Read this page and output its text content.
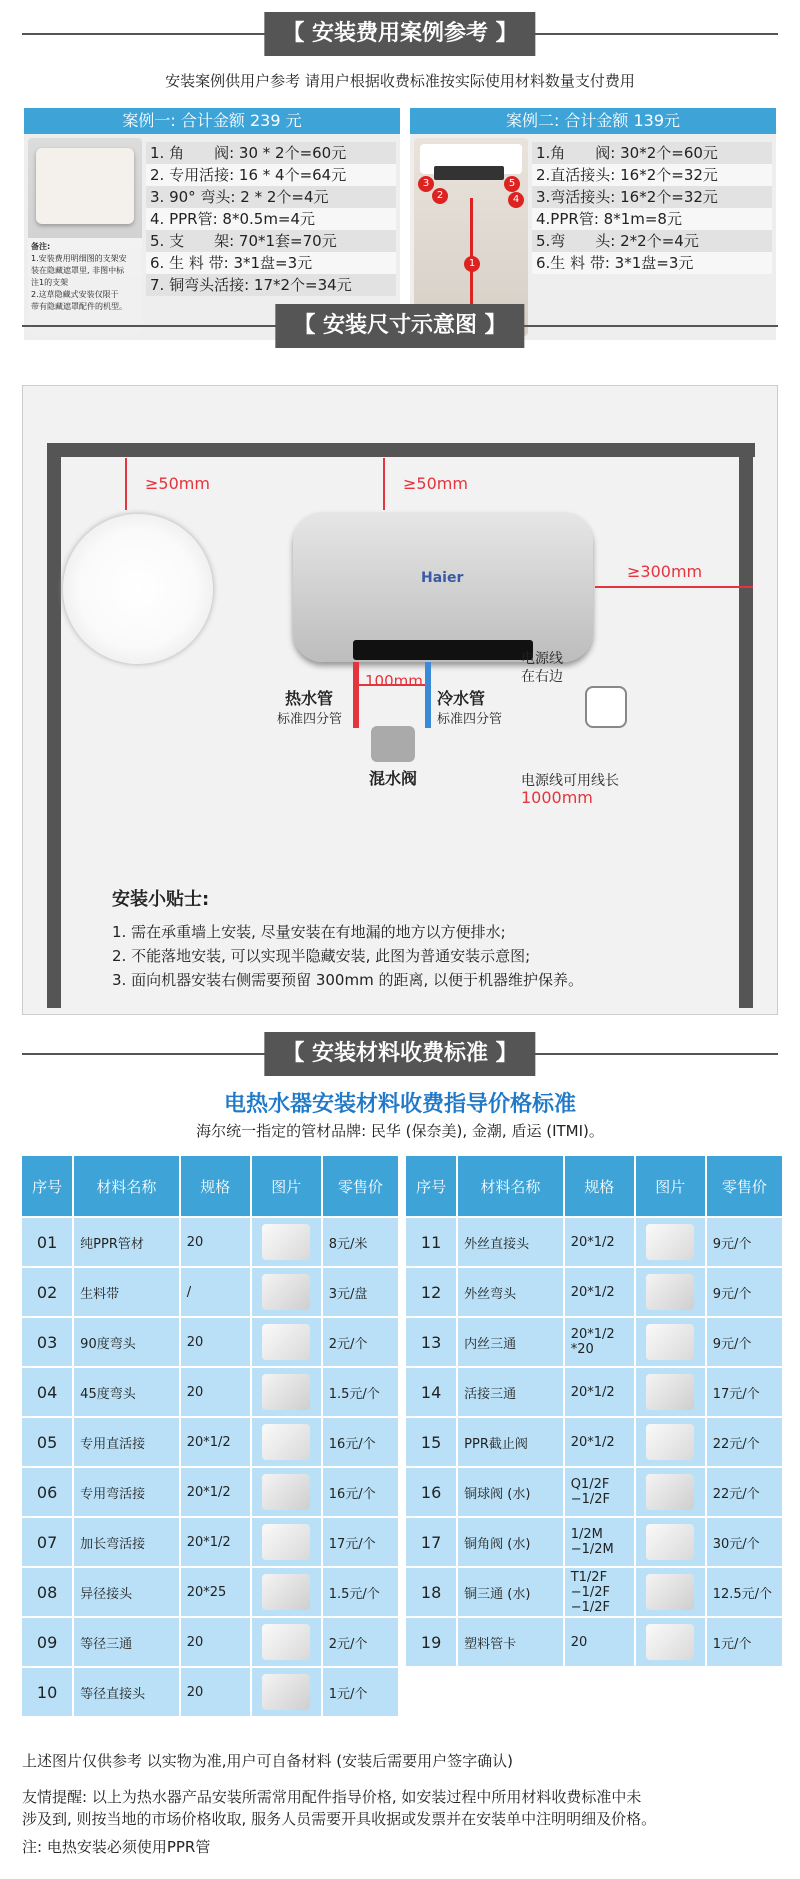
【 安装费用案例参考 】
安装案例供用户参考 请用户根据收费标准按实际使用材料数量支付费用
案例一: 合计金额 239 元
备注:
1.安装费用明细图的支架安
装在隐藏遮罩里, 非图中标
注1的支架
2.这草隐藏式安装仅限于
带有隐藏遮罩配件的机型。
1. 角　　阀: 30 * 2个=60元
2. 专用活接: 16 * 4个=64元
3. 90° 弯头: 2 * 2个=4元
4. PPR管: 8*0.5m=4元
5. 支　　架: 70*1套=70元
6. 生 料 带: 3*1盘=3元
7. 铜弯头活接: 17*2个=34元
案例二: 合计金额 139元
3
2
5
4
1
1.角　　阀: 30*2个=60元
2.直活接头: 16*2个=32元
3.弯活接头: 16*2个=32元
4.PPR管: 8*1m=8元
5.弯　　头: 2*2个=4元
6.生 料 带: 3*1盘=3元
≥50mm
Haier
≥50mm
≥300mm
100mm
热水管
标准四分管
冷水管
标准四分管
混水阀
电源线
在右边
电源线可用线长
1000mm
【 安装尺寸示意图 】
安装小贴士:
1. 需在承重墙上安装, 尽量安装在有地漏的地方以方便排水;
2. 不能落地安装, 可以实现半隐藏安装, 此图为普通安装示意图;
3. 面向机器安装右侧需要预留 300mm 的距离, 以便于机器维护保养。
【 安装材料收费标准 】
电热水器安装材料收费指导价格标准
海尔统一指定的管材品牌: 民华 (保奈美), 金潮, 盾运 (ITMI)。
序号	材料名称	规格	图片	零售价
01	纯PPR管材	20		8元/米
02	生料带	/		3元/盘
03	90度弯头	20		2元/个
04	45度弯头	20		1.5元/个
05	专用直活接	20*1/2		16元/个
06	专用弯活接	20*1/2		16元/个
07	加长弯活接	20*1/2		17元/个
08	异径接头	20*25		1.5元/个
09	等径三通	20		2元/个
10	等径直接头	20		1元/个
序号	材料名称	规格	图片	零售价
11	外丝直接头	20*1/2		9元/个
12	外丝弯头	20*1/2		9元/个
13	内丝三通	20*1/2 *20		9元/个
14	活接三通	20*1/2		17元/个
15	PPR截止阀	20*1/2		22元/个
16	铜球阀 (水)	Q1/2F −1/2F		22元/个
17	铜角阀 (水)	1/2M −1/2M		30元/个
18	铜三通 (水)	T1/2F −1/2F −1/2F		12.5元/个
19	塑料管卡	20		1元/个
上述图片仅供参考 以实物为准,用户可自备材料 (安装后需要用户签字确认)
友情提醒: 以上为热水器产品安装所需常用配件指导价格, 如安装过程中所用材料收费标准中未
涉及到, 则按当地的市场价格收取, 服务人员需要开具收据或发票并在安装单中注明明细及价格。
注: 电热安装必须使用PPR管
